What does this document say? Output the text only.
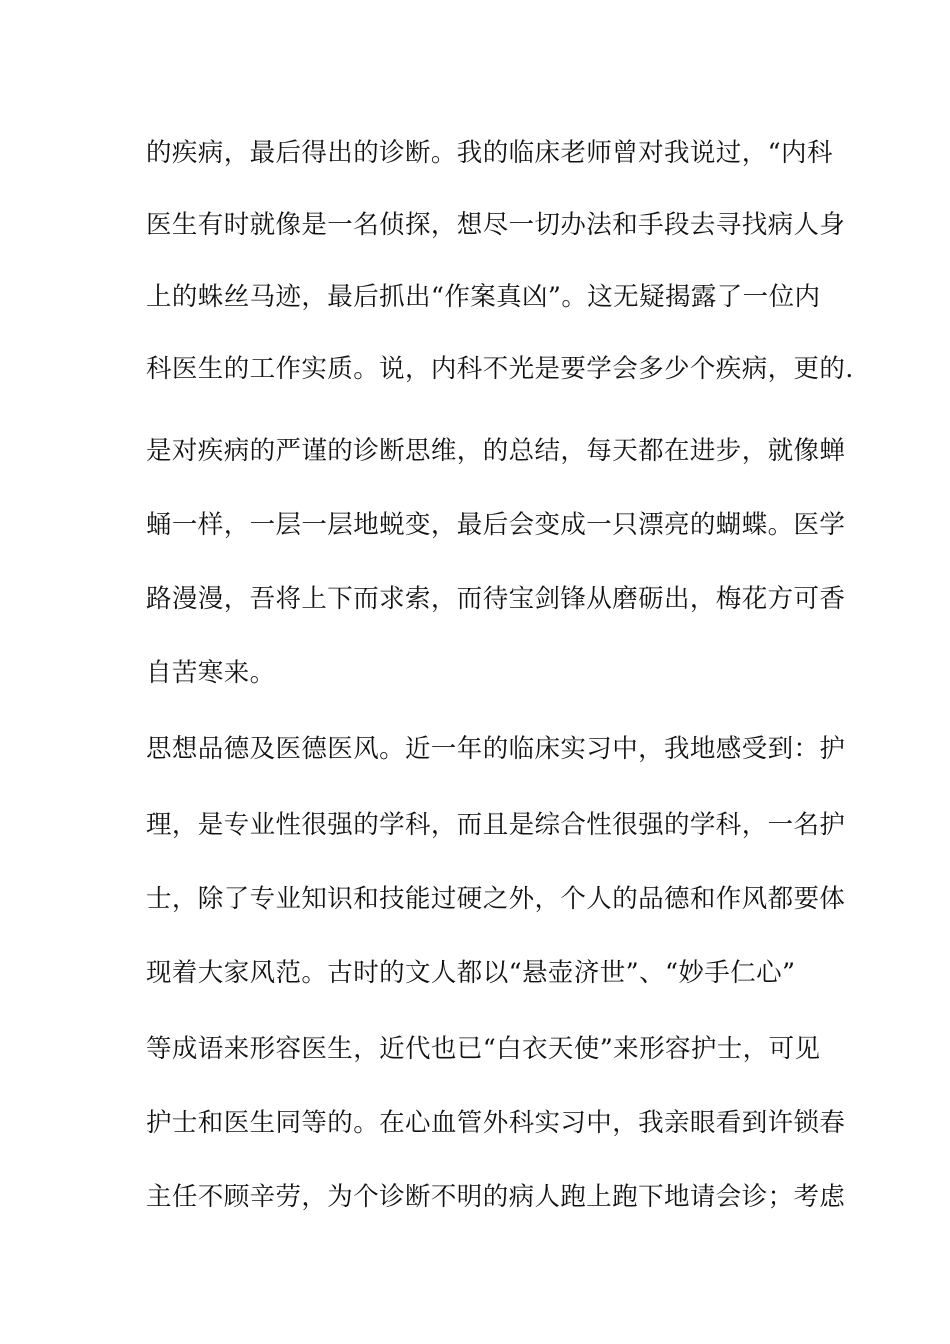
的疾病，最后得出的诊断。我的临床老师曾对我说过，“内科
医生有时就像是一名侦探，想尽一切办法和手段去寻找病人身
上的蛛丝马迹，最后抓出“作案真凶”。这无疑揭露了一位内
科医生的工作实质。说，内科不光是要学会多少个疾病，更的.
是对疾病的严谨的诊断思维，的总结，每天都在进步，就像蝉
蛹一样，一层一层地蜕变，最后会变成一只漂亮的蝴蝶。医学
路漫漫，吾将上下而求索，而待宝剑锋从磨砺出，梅花方可香
自苦寒来。
思想品德及医德医风。近一年的临床实习中，我地感受到：护
理，是专业性很强的学科，而且是综合性很强的学科，一名护
士，除了专业知识和技能过硬之外，个人的品德和作风都要体
现着大家风范。古时的文人都以“悬壶济世”、“妙手仁心”
等成语来形容医生，近代也已“白衣天使”来形容护士，可见
护士和医生同等的。在心血管外科实习中，我亲眼看到许锁春
主任不顾辛劳，为个诊断不明的病人跑上跑下地请会诊；考虑
